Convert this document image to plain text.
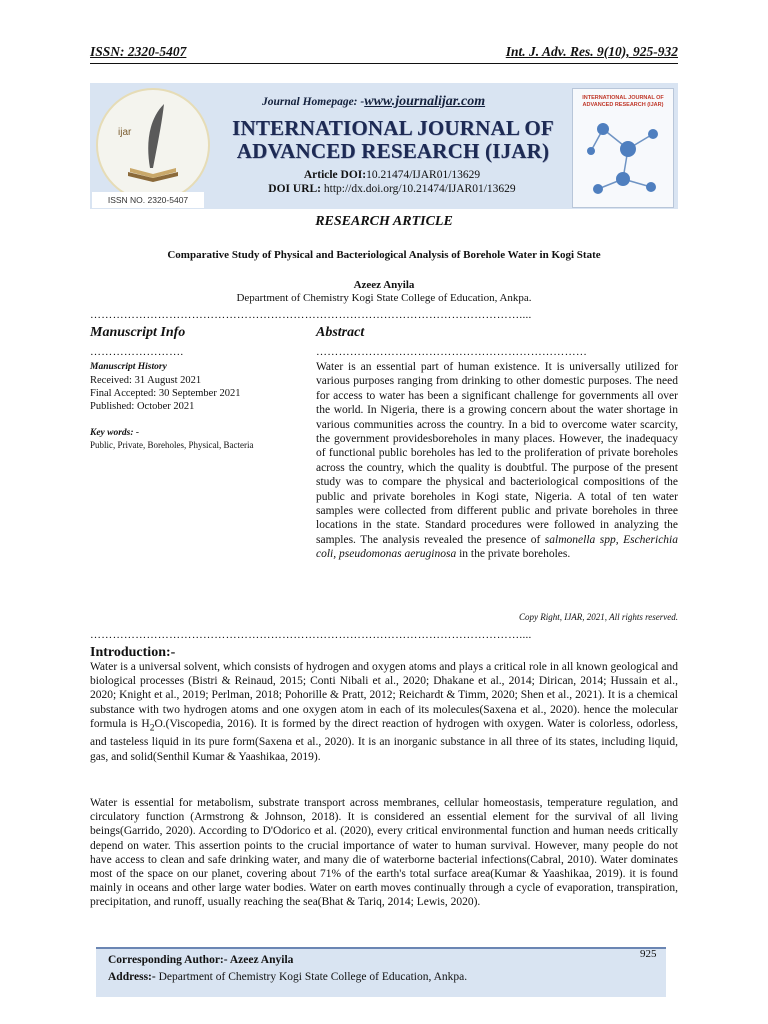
ISSN: 2320-5407	Int. J. Adv. Res. 9(10), 925-932
ijar
ISSN NO. 2320-5407
Journal Homepage: -www.journalijar.com
INTERNATIONAL JOURNAL OF
ADVANCED RESEARCH (IJAR)
Article DOI:10.21474/IJAR01/13629
DOI URL: http://dx.doi.org/10.21474/IJAR01/13629
INTERNATIONAL JOURNAL OF ADVANCED RESEARCH (IJAR)
RESEARCH ARTICLE
Comparative Study of Physical and Bacteriological Analysis of Borehole Water in Kogi State
Azeez Anyila
Department of Chemistry Kogi State College of Education, Ankpa.
……………………………………………………………………………………………………....
Manuscript Info
…………………….
Manuscript History
Received: 31 August 2021
Final Accepted: 30 September 2021
Published: October 2021
Key words: -
Public, Private, Boreholes, Physical, Bacteria
Abstract
………………………………………………………………
Water is an essential part of human existence. It is universally utilized for various purposes ranging from drinking to other domestic purposes. The need for access to water has been a significant challenge for governments all over the world. In Nigeria, there is a growing concern about the water shortage in various communities across the country. In a bid to overcome water scarcity, the government providesboreholes in many places. However, the inadequacy of functional public boreholes has led to the proliferation of private boreholes across the country, which the quality is doubtful. The purpose of the present study was to compare the physical and bacteriological compositions of the public and private boreholes in Kogi state, Nigeria. A total of ten water samples were collected from different public and private boreholes in three locations in the state. Standard procedures were followed in analyzing the samples. The analysis revealed the presence of salmonella spp, Escherichia coli, pseudomonas aeruginosa in the private boreholes.
Copy Right, IJAR, 2021, All rights reserved.
……………………………………………………………………………………………………....
Introduction:-
Water is a universal solvent, which consists of hydrogen and oxygen atoms and plays a critical role in all known geological and biological processes (Bistri & Reinaud, 2015; Conti Nibali et al., 2020; Dhakane et al., 2014; Dirican, 2014; Hussain et al., 2020; Knight et al., 2019; Perlman, 2018; Pohorille & Pratt, 2012; Reichardt & Timm, 2020; Shen et al., 2021). It is a chemical substance with two hydrogen atoms and one oxygen atom in each of its molecules(Saxena et al., 2020). hence the molecular formula is $H_2O.(Viscopedia$, 2016). It is formed by the direct reaction of hydrogen with oxygen. Water is colorless, odorless, and tasteless liquid in its pure form(Saxena et al., 2020). It is an inorganic substance in all three of its states, including liquid, gas, and solid(Senthil Kumar & Yaashikaa, 2019).
Water is essential for metabolism, substrate transport across membranes, cellular homeostasis, temperature regulation, and circulatory function (Armstrong & Johnson, 2018). It is considered an essential element for the survival of all living beings(Garrido, 2020). According to D'Odorico et al. (2020), every critical environmental function and human needs critically depend on water. This assertion points to the crucial importance of water to human survival. However, many people do not have access to clean and safe drinking water, and many die of waterborne bacterial infections(Cabral, 2010). Water dominates most of the space on our planet, covering about 71% of the earth's total surface area(Kumar & Yaashikaa, 2019). it is found mainly in oceans and other large water bodies. Water on earth moves continually through a cycle of evaporation, transpiration, precipitation, and runoff, usually reaching the sea(Bhat & Tariq, 2014; Lewis, 2020).
Corresponding Author:- Azeez Anyila
Address:- Department of Chemistry Kogi State College of Education, Ankpa.
925
